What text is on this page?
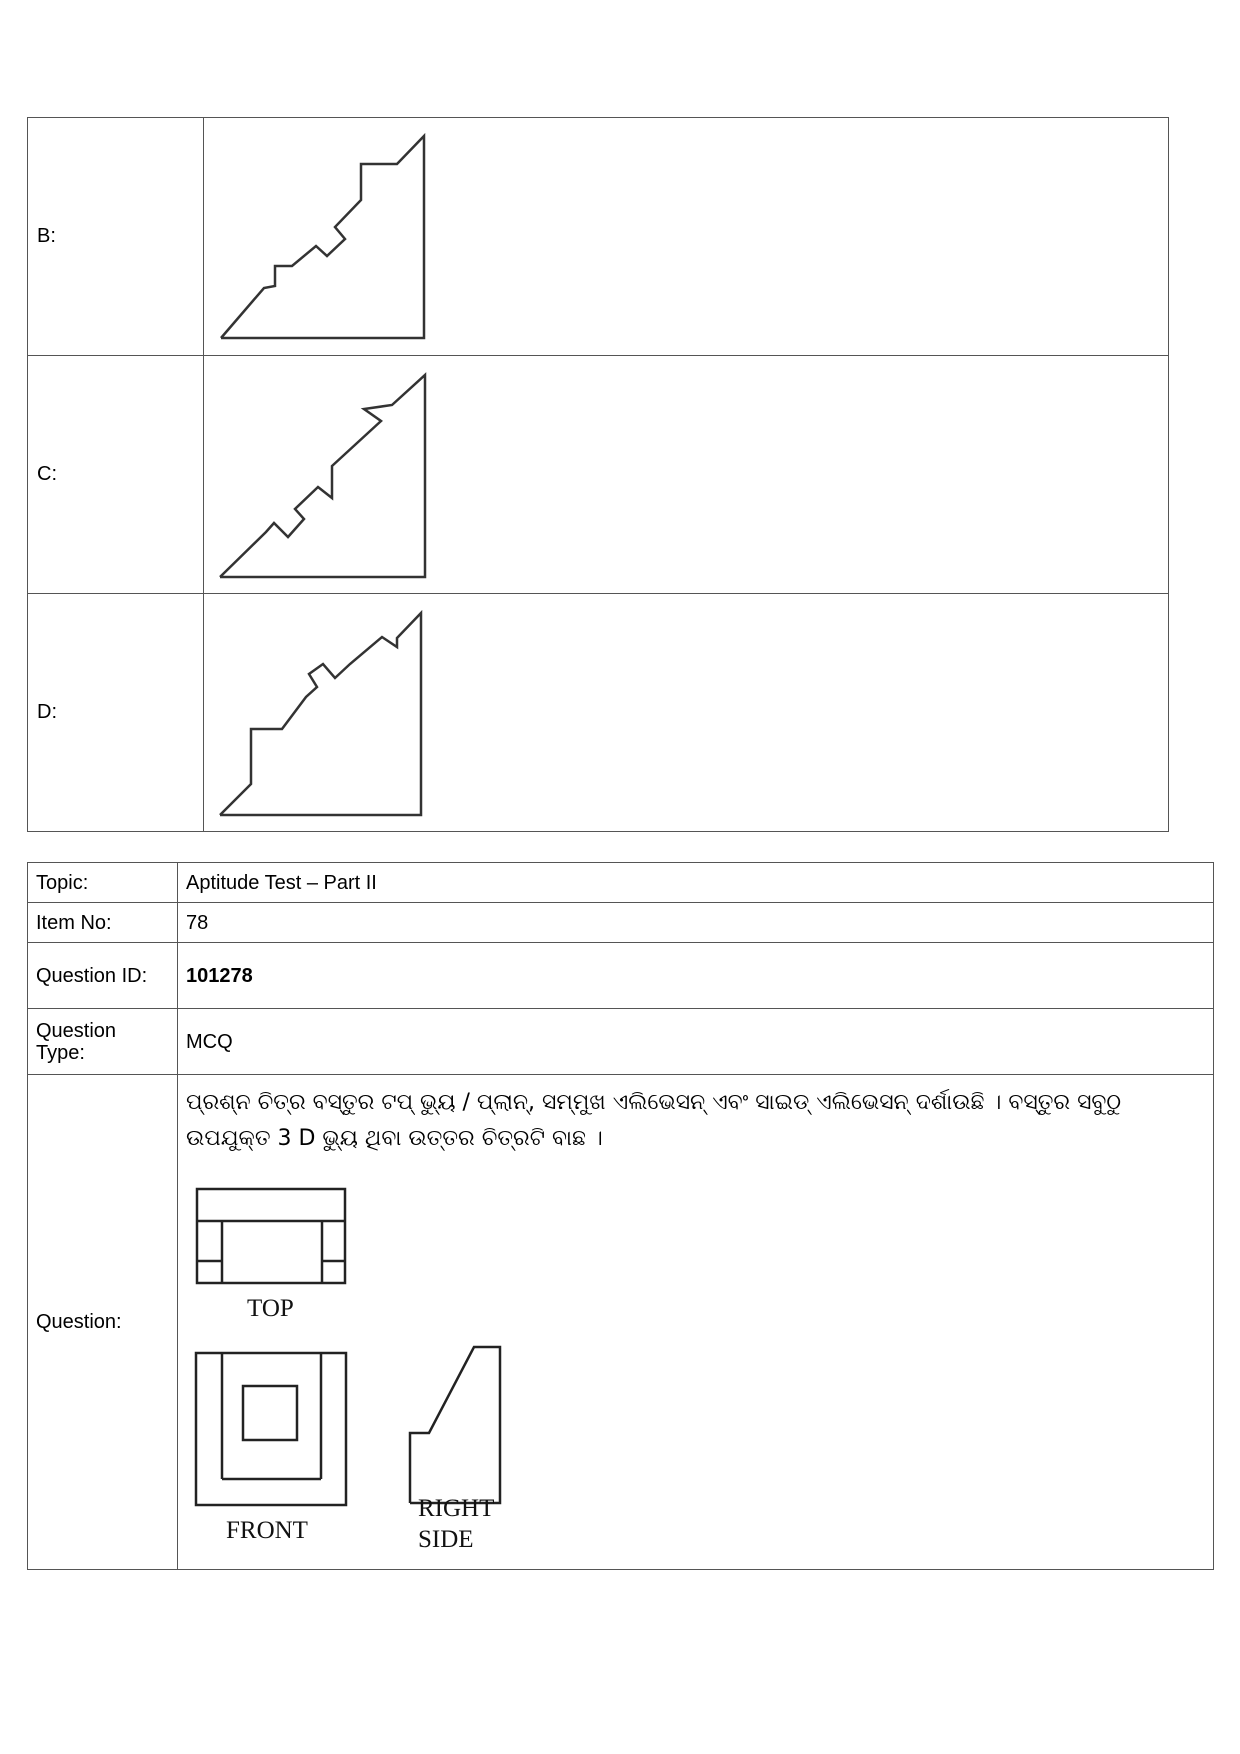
B:	

C:	

D:	
Topic:	Aptitude Test – Part II
Item No:	78
Question ID:	101278
Question Type:	MCQ
Question:	TOP
FRONT
RIGHT
SIDE
ପ୍ରଶ୍ନ ଚିତ୍ର ବସ୍ତୁର ଟପ୍ ଭ୍ୟୁ / ପ୍ଲାନ୍, ସମ୍ମୁଖ ଏଲିଭେସନ୍ ଏବଂ ସାଇଡ୍ ଏଲିଭେସନ୍ ଦର୍ଶାଉଛି । ବସ୍ତୁର ସବୁଠୁ ଉପଯୁକ୍ତ 3 D ଭ୍ୟୁ ଥିବା ଉତ୍ତର ଚିତ୍ରଟି ବାଛ ।
